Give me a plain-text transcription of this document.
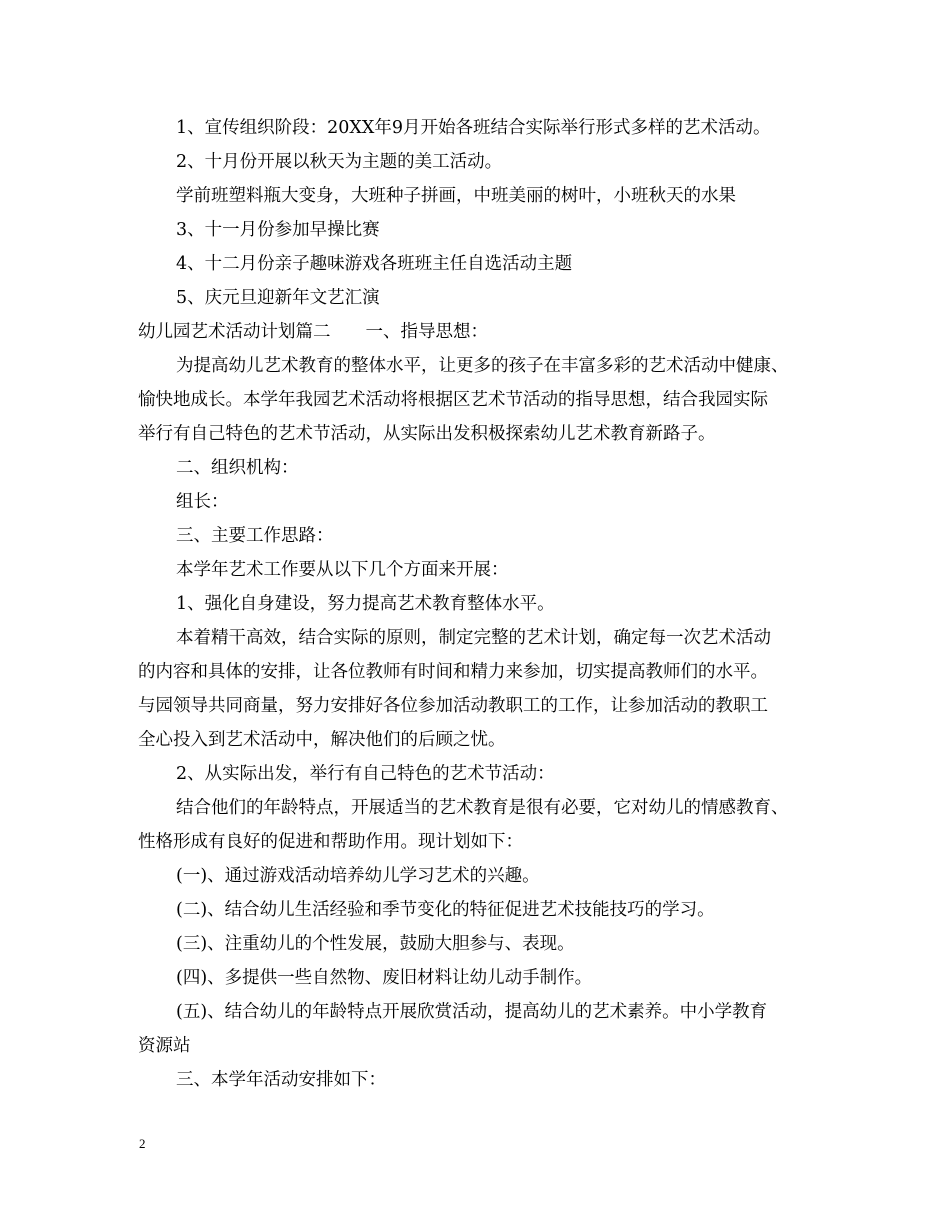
1、宣传组织阶段：20XX年9月开始各班结合实际举行形式多样的艺术活动。

2、十月份开展以秋天为主题的美工活动。

学前班塑料瓶大变身，大班种子拼画，中班美丽的树叶，小班秋天的水果

3、十一月份参加早操比赛

4、十二月份亲子趣味游戏各班班主任自选活动主题

5、庆元旦迎新年文艺汇演

幼儿园艺术活动计划篇二　　一、指导思想：

为提高幼儿艺术教育的整体水平，让更多的孩子在丰富多彩的艺术活动中健康、

愉快地成长。本学年我园艺术活动将根据区艺术节活动的指导思想，结合我园实际

举行有自己特色的艺术节活动，从实际出发积极探索幼儿艺术教育新路子。

二、组织机构：

组长：

三、主要工作思路：

本学年艺术工作要从以下几个方面来开展：

1、强化自身建设，努力提高艺术教育整体水平。

本着精干高效，结合实际的原则，制定完整的艺术计划，确定每一次艺术活动

的内容和具体的安排，让各位教师有时间和精力来参加，切实提高教师们的水平。

与园领导共同商量，努力安排好各位参加活动教职工的工作，让参加活动的教职工

全心投入到艺术活动中，解决他们的后顾之忧。

2、从实际出发，举行有自己特色的艺术节活动：

结合他们的年龄特点，开展适当的艺术教育是很有必要，它对幼儿的情感教育、

性格形成有良好的促进和帮助作用。现计划如下：

(一)、通过游戏活动培养幼儿学习艺术的兴趣。

(二)、结合幼儿生活经验和季节变化的特征促进艺术技能技巧的学习。

(三)、注重幼儿的个性发展，鼓励大胆参与、表现。

(四)、多提供一些自然物、废旧材料让幼儿动手制作。

(五)、结合幼儿的年龄特点开展欣赏活动，提高幼儿的艺术素养。中小学教育

资源站

三、本学年活动安排如下：

2
